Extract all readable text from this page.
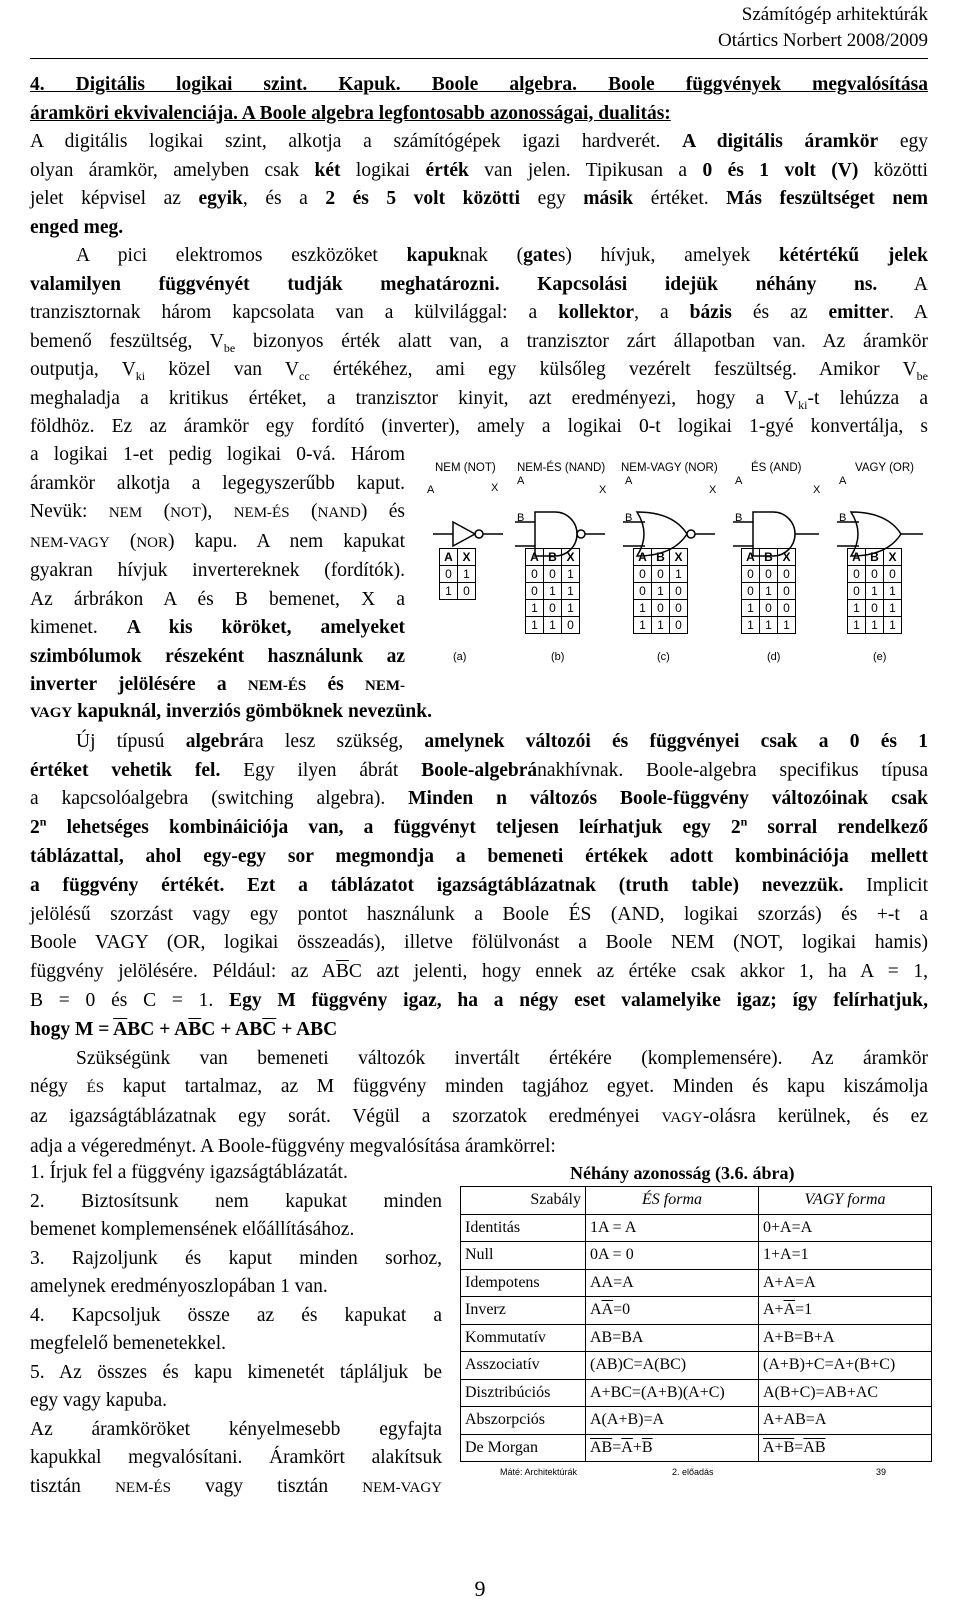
Számítógép arhitektúrák
Otártics Norbert 2008/2009
4. Digitális logikai szint. Kapuk. Boole algebra. Boole függvények megvalósítása
áramköri ekvivalenciája. A Boole algebra legfontosabb azonosságai, dualitás:
A digitális logikai szint, alkotja a számítógépek igazi hardverét. A digitális áramkör egy
olyan áramkör, amelyben csak két logikai érték van jelen. Tipikusan a 0 és 1 volt (V) közötti
jelet képvisel az egyik, és a 2 és 5 volt közötti egy másik értéket. Más feszültséget nem
enged meg.
A pici elektromos eszközöket kapuknak (gates) hívjuk, amelyek kétértékű jelek
valamilyen függvényét tudják meghatározni. Kapcsolási idejük néhány ns. A
tranzisztornak három kapcsolata van a külvilággal: a kollektor, a bázis és az emitter. A
bemenő feszültség, $V_{be}$ bizonyos érték alatt van, a tranzisztor zárt állapotban van. Az áramkör
outputja, $V_{ki}$ közel van $V_{cc}$ értékéhez, ami egy külsőleg vezérelt feszültség. Amikor $V_{be}$
meghaladja a kritikus értéket, a tranzisztor kinyit, azt eredményezi, hogy a $V_{ki}-t$ lehúzza a
földhöz. Ez az áramkör egy fordító (inverter), amely a logikai 0-t logikai 1-gyé konvertálja, s
a logikai 1-et pedig logikai 0-vá. Három
áramkör alkotja a legegyszerűbb kaput.
Nevük: NEM (NOT), NEM-ÉS (NAND) és
NEM-VAGY (NOR) kapu. A nem kapukat
gyakran hívjuk invertereknek (fordítók).
Az árbrákon A és B bemenet, X a
kimenet. A kis köröket, amelyeket
szimbólumok részeként használunk az
inverter jelölésére a NEM-ÉS és NEM-
NEM (NOT) NEM-ÉS (NAND) NEM-VAGY (NOR)	ÉS (AND)	VAGY (OR)
A	X
A
B
X
A
B
X
A
B
X
A
B
A	X
0	1
1	0
A	B	X
0	0	1
0	1	1
1	0	1
1	1	0
A	B	X
0	0	1
0	1	0
1	0	0
1	1	0
A	B	X
0	0	0
0	1	0
1	0	0
1	1	1
A	B	X
0	0	0
0	1	1
1	0	1
1	1	1
(a)	(b)	(c)	(d)	(e)
VAGY kapuknál, inverziós gömböknek nevezünk.
Új típusú algebrára lesz szükség, amelynek változói és függvényei csak a 0 és 1
értéket vehetik fel. Egy ilyen ábrát Boole-algebránakhívnak. Boole-algebra specifikus típusa
a kapcsolóalgebra (switching algebra). Minden n változós Boole-függvény változóinak csak
2$^n$ lehetséges kombináiciója van, a függvényt teljesen leírhatjuk egy 2$^n$ sorral rendelkező
táblázattal, ahol egy-egy sor megmondja a bemeneti értékek adott kombinációja mellett
a függvény értékét. Ezt a táblázatot igazságtáblázatnak (truth table) nevezzük. Implicit
jelölésű szorzást vagy egy pontot használunk a Boole ÉS (AND, logikai szorzás) és +-t a
Boole VAGY (OR, logikai összeadás), illetve fölülvonást a Boole NEM (NOT, logikai hamis)
függvény jelölésére. Például: az $A\overline{B}C$ azt jelenti, hogy ennek az értéke csak akkor 1, ha A = 1,
B = 0 és C = 1. Egy M függvény igaz, ha a négy eset valamelyike igaz; így felírhatjuk,
hogy $M = \overline{A}BC + A\overline{B}C + AB\overline{C}$ + ABC
Szükségünk van bemeneti változók invertált értékére (komplemensére). Az áramkör
négy ÉS kaput tartalmaz, az M függvény minden tagjához egyet. Minden és kapu kiszámolja
az igazságtáblázatnak egy sorát. Végül a szorzatok eredményei VAGY-olásra kerülnek, és ez
adja a végeredményt. A Boole-függvény megvalósítása áramkörrel:
1. Írjuk fel a függvény igazságtáblázatát.
2. Biztosítsunk nem kapukat minden
bemenet komplemensének előállításához.
3. Rajzoljunk és kaput minden sorhoz,
amelynek eredményoszlopában 1 van.
4. Kapcsoljuk össze az és kapukat a
megfelelő bemenetekkel.
5. Az összes és kapu kimenetét tápláljuk be
egy vagy kapuba.
Az áramköröket kényelmesebb egyfajta
kapukkal megvalósítani. Áramkört alakítsuk
tisztán NEM-ÉS vagy tisztán NEM-VAGY
Néhány azonosság (3.6. ábra)
Szabály	ÉS forma	VAGY forma
Identitás	1A = A	0+A=A
Null	0A = 0	1+A=1
Idempotens	AA=A	A+A=A
Inverz	$A\overline{A}=0$	$A+\overline{A}=1$
Kommutatív	AB=BA	A+B=B+A
Asszociatív	(AB)C=A(BC)	(A+B)+C=A+(B+C)
Disztribúciós	A+BC=(A+B)(A+C)	A(B+C)=AB+AC
Abszorpciós	A(A+B)=A	A+AB=A
De Morgan	$\overline{AB}=\overline{A}+\overline{B}$	$A+B=\overline{A}\overline{B}$
Máté: Architektúrák	2. előadás	39
9
